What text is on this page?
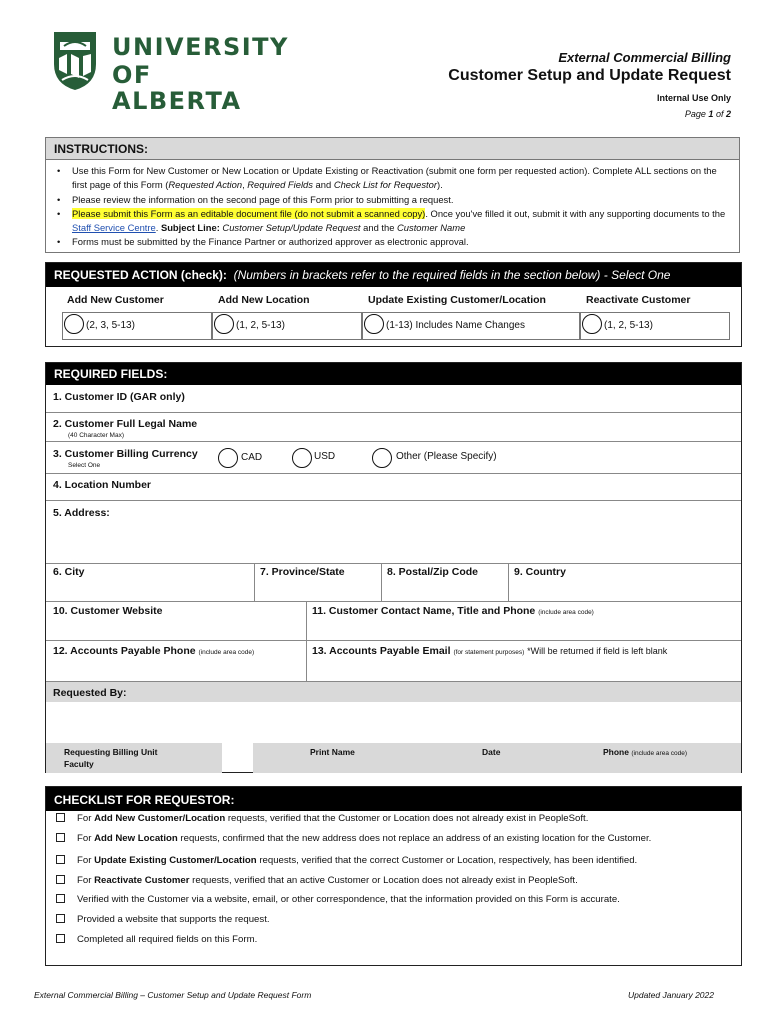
UNIVERSITY
OF ALBERTA
External Commercial Billing
Customer Setup and Update Request
Internal Use Only
Page 1 of 2
INSTRUCTIONS:
• Use this Form for New Customer or New Location or Update Existing or Reactivation (submit one form per requested action). Complete ALL sections on the first page of this Form (Requested Action, Required Fields and Check List for Requestor).
• Please review the information on the second page of this Form prior to submitting a request.
• Please submit this Form as an editable document file (do not submit a scanned copy). Once you've filled it out, submit it with any supporting documents to the Staff Service Centre. Subject Line: Customer Setup/Update Request and the Customer Name
• Forms must be submitted by the Finance Partner or authorized approver as electronic approval.
REQUESTED ACTION (check): (Numbers in brackets refer to the required fields in the section below) - Select One
Add New Customer	Add New Location	Update Existing Customer/Location	Reactivate Customer
(2, 3, 5-13)	(1, 2, 5-13)	(1-13) Includes Name Changes	(1, 2, 5-13)
REQUIRED FIELDS:
1. Customer ID (GAR only)
2. Customer Full Legal Name
(40 Character Max)
3. Customer Billing Currency
Select One
CAD	USD	Other (Please Specify)
4. Location Number
5. Address:
6. City	7. Province/State	8. Postal/Zip Code	9. Country
10. Customer Website	11. Customer Contact Name, Title and Phone (include area code)
12. Accounts Payable Phone (include area code)	13. Accounts Payable Email (for statement purposes) *Will be returned if field is left blank
Requested By:
Requesting Billing Unit
Faculty
Print Name	Date	Phone (include area code)
CHECKLIST FOR REQUESTOR:
For Add New Customer/Location requests, verified that the Customer or Location does not already exist in PeopleSoft.
For Add New Location requests, confirmed that the new address does not replace an address of an existing location for the Customer.
For Update Existing Customer/Location requests, verified that the correct Customer or Location, respectively, has been identified.
For Reactivate Customer requests, verified that an active Customer or Location does not already exist in PeopleSoft.
Verified with the Customer via a website, email, or other correspondence, that the information provided on this Form is accurate.
Provided a website that supports the request.
Completed all required fields on this Form.
External Commercial Billing – Customer Setup and Update Request Form	Updated January 2022
